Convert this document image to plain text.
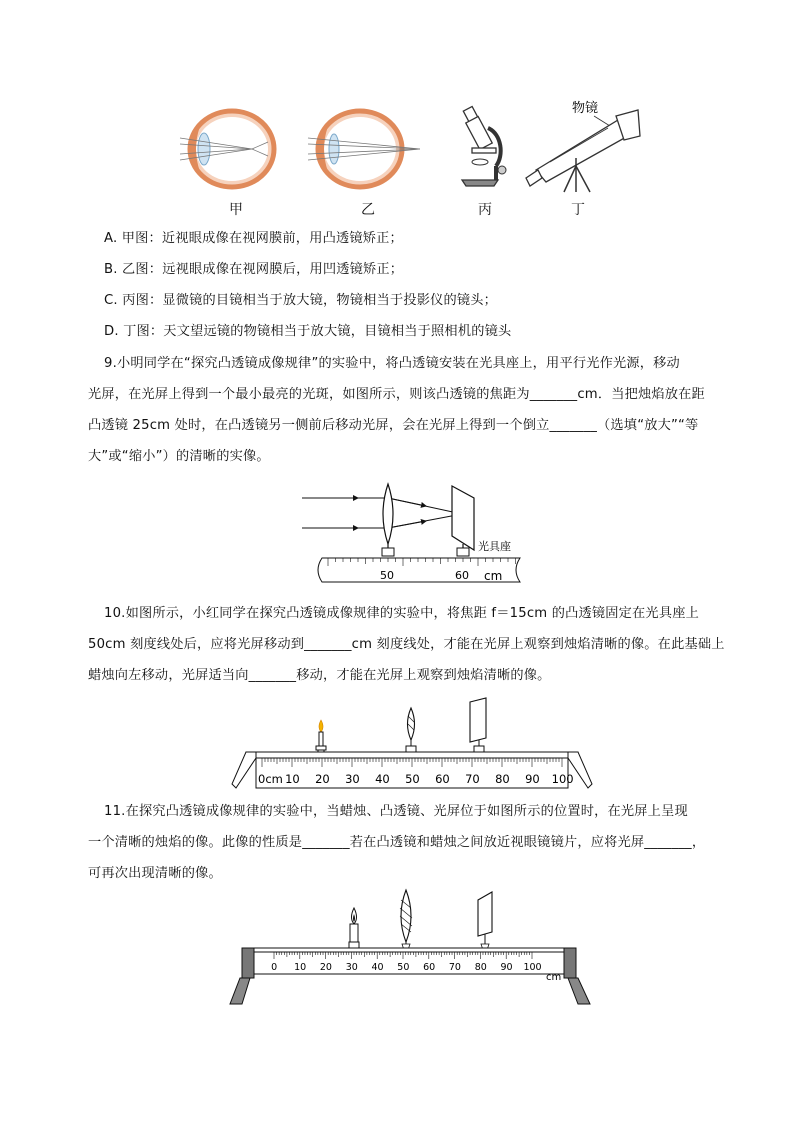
物镜
甲	乙	丙	丁
A. 甲图：近视眼成像在视网膜前，用凸透镜矫正；
B. 乙图：远视眼成像在视网膜后，用凹透镜矫正；
C. 丙图：显微镜的目镜相当于放大镜，物镜相当于投影仪的镜头；
D. 丁图：天文望远镜的物镜相当于放大镜，目镜相当于照相机的镜头
9.小明同学在“探究凸透镜成像规律”的实验中，将凸透镜安装在光具座上，用平行光作光源，移动
光屏，在光屏上得到一个最小最亮的光斑，如图所示，则该凸透镜的焦距为_______cm．当把烛焰放在距
凸透镜 25cm 处时，在凸透镜另一侧前后移动光屏，会在光屏上得到一个倒立_______（选填“放大”“等
大”或“缩小”）的清晰的实像。
50	60 cm
光具座
10.如图所示，小红同学在探究凸透镜成像规律的实验中，将焦距 f＝15cm 的凸透镜固定在光具座上
50cm 刻度线处后，应将光屏移动到_______cm 刻度线处，才能在光屏上观察到烛焰清晰的像。在此基础上
蜡烛向左移动，光屏适当向_______移动，才能在光屏上观察到烛焰清晰的像。
0cm 10 20 30 40 50 60 70 80 90 100
11.在探究凸透镜成像规律的实验中，当蜡烛、凸透镜、光屏位于如图所示的位置时，在光屏上呈现
一个清晰的烛焰的像。此像的性质是_______若在凸透镜和蜡烛之间放近视眼镜镜片，应将光屏_______，
可再次出现清晰的像。
0 10 20 30 40 50 60 70 80 90 100
cm
